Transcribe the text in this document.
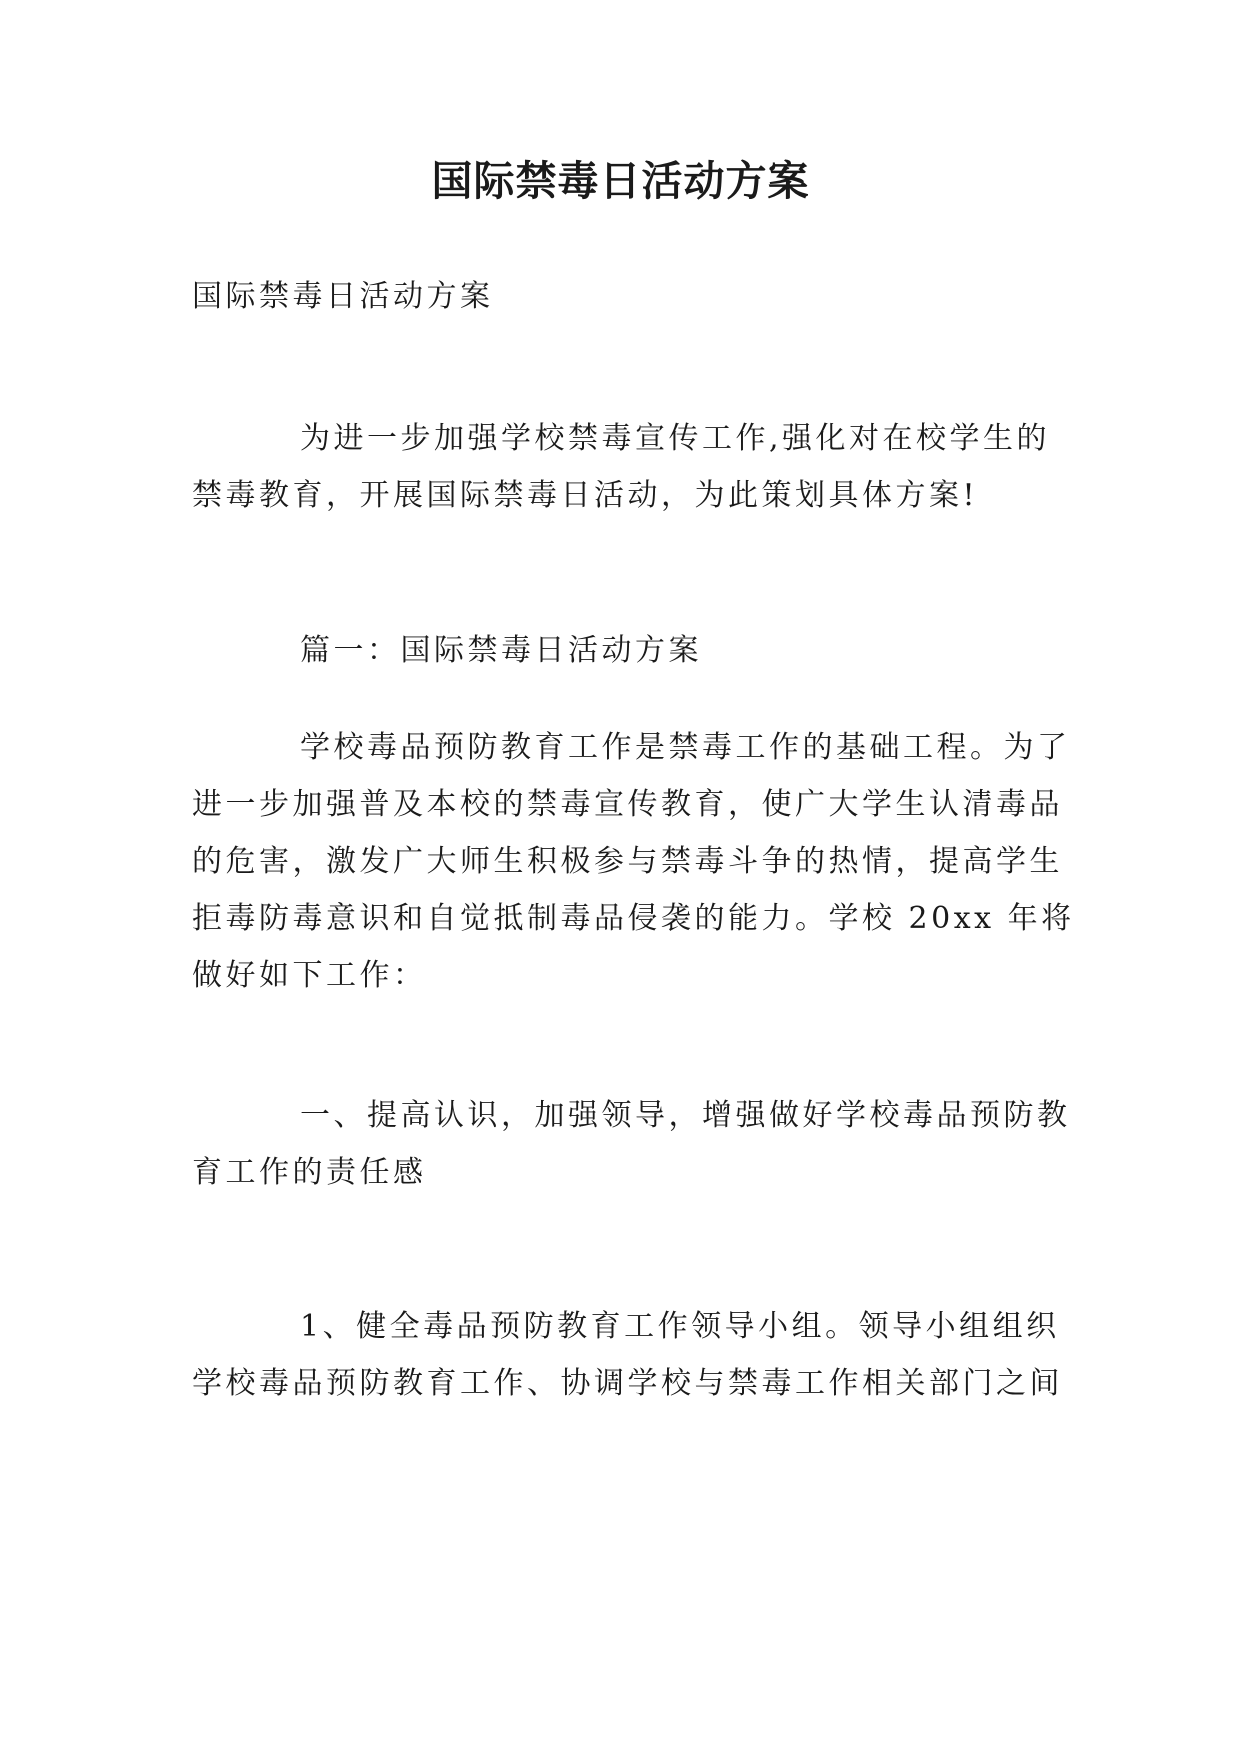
国际禁毒日活动方案

国际禁毒日活动方案

为进一步加强学校禁毒宣传工作,强化对在校学生的
禁毒教育，开展国际禁毒日活动，为此策划具体方案!

篇一：国际禁毒日活动方案

学校毒品预防教育工作是禁毒工作的基础工程。为了
进一步加强普及本校的禁毒宣传教育，使广大学生认清毒品
的危害，激发广大师生积极参与禁毒斗争的热情，提高学生
拒毒防毒意识和自觉抵制毒品侵袭的能力。学校 20xx 年将
做好如下工作：

一、提高认识，加强领导，增强做好学校毒品预防教
育工作的责任感

1、健全毒品预防教育工作领导小组。领导小组组织
学校毒品预防教育工作、协调学校与禁毒工作相关部门之间
